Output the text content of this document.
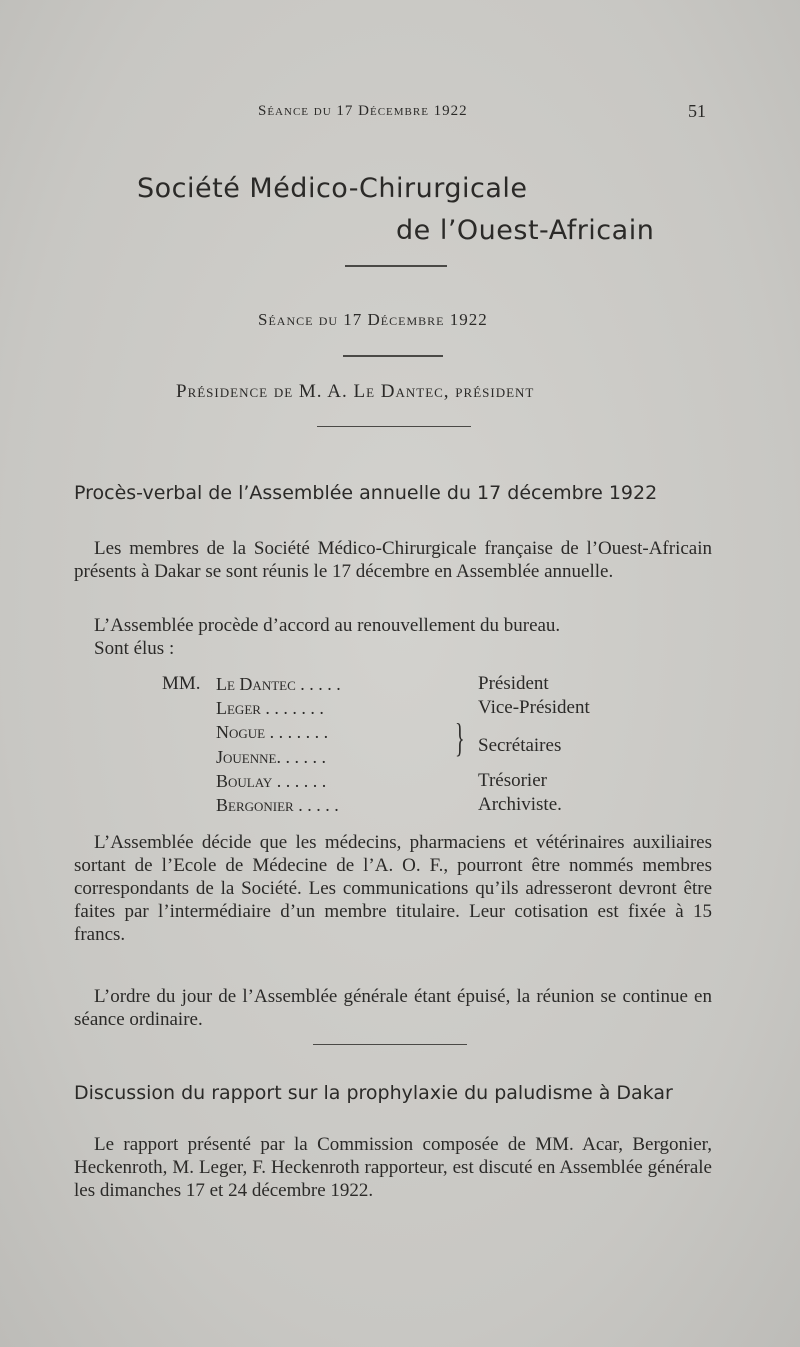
Séance du 17 Décembre 1922	51
Société Médico-Chirurgicale
de l’Ouest-Africain
Séance du 17 Décembre 1922
Présidence de M. A. Le Dantec, président
Procès-verbal de l’Assemblée annuelle du 17 décembre 1922

Les membres de la Société Médico-Chirurgicale française de l’Ouest-Africain présents à Dakar se sont réunis le 17 décembre en Assemblée annuelle.

L’Assemblée procède d’accord au renouvellement du bureau.

Sont élus :

MM. Le Dantec . . . . .	Président
Leger . . . . . . .	Vice-Président
Nogue . . . . . . .
Jouenne. . . . . .	} Secrétaires
Boulay . . . . . .	Trésorier
Bergonier . . . . .	Archiviste.

L’Assemblée décide que les médecins, pharmaciens et vétérinaires auxiliaires sortant de l’Ecole de Médecine de l’A. O. F., pourront être nommés membres correspondants de la Société. Les communications qu’ils adresseront devront être faites par l’intermédiaire d’un membre titulaire. Leur cotisation est fixée à 15 francs.

L’ordre du jour de l’Assemblée générale étant épuisé, la réunion se continue en séance ordinaire.

Discussion du rapport sur la prophylaxie du paludisme à Dakar

Le rapport présenté par la Commission composée de MM. Acar, Bergonier, Heckenroth, M. Leger, F. Heckenroth rapporteur, est discuté en Assemblée générale les dimanches 17 et 24 décembre 1922.
